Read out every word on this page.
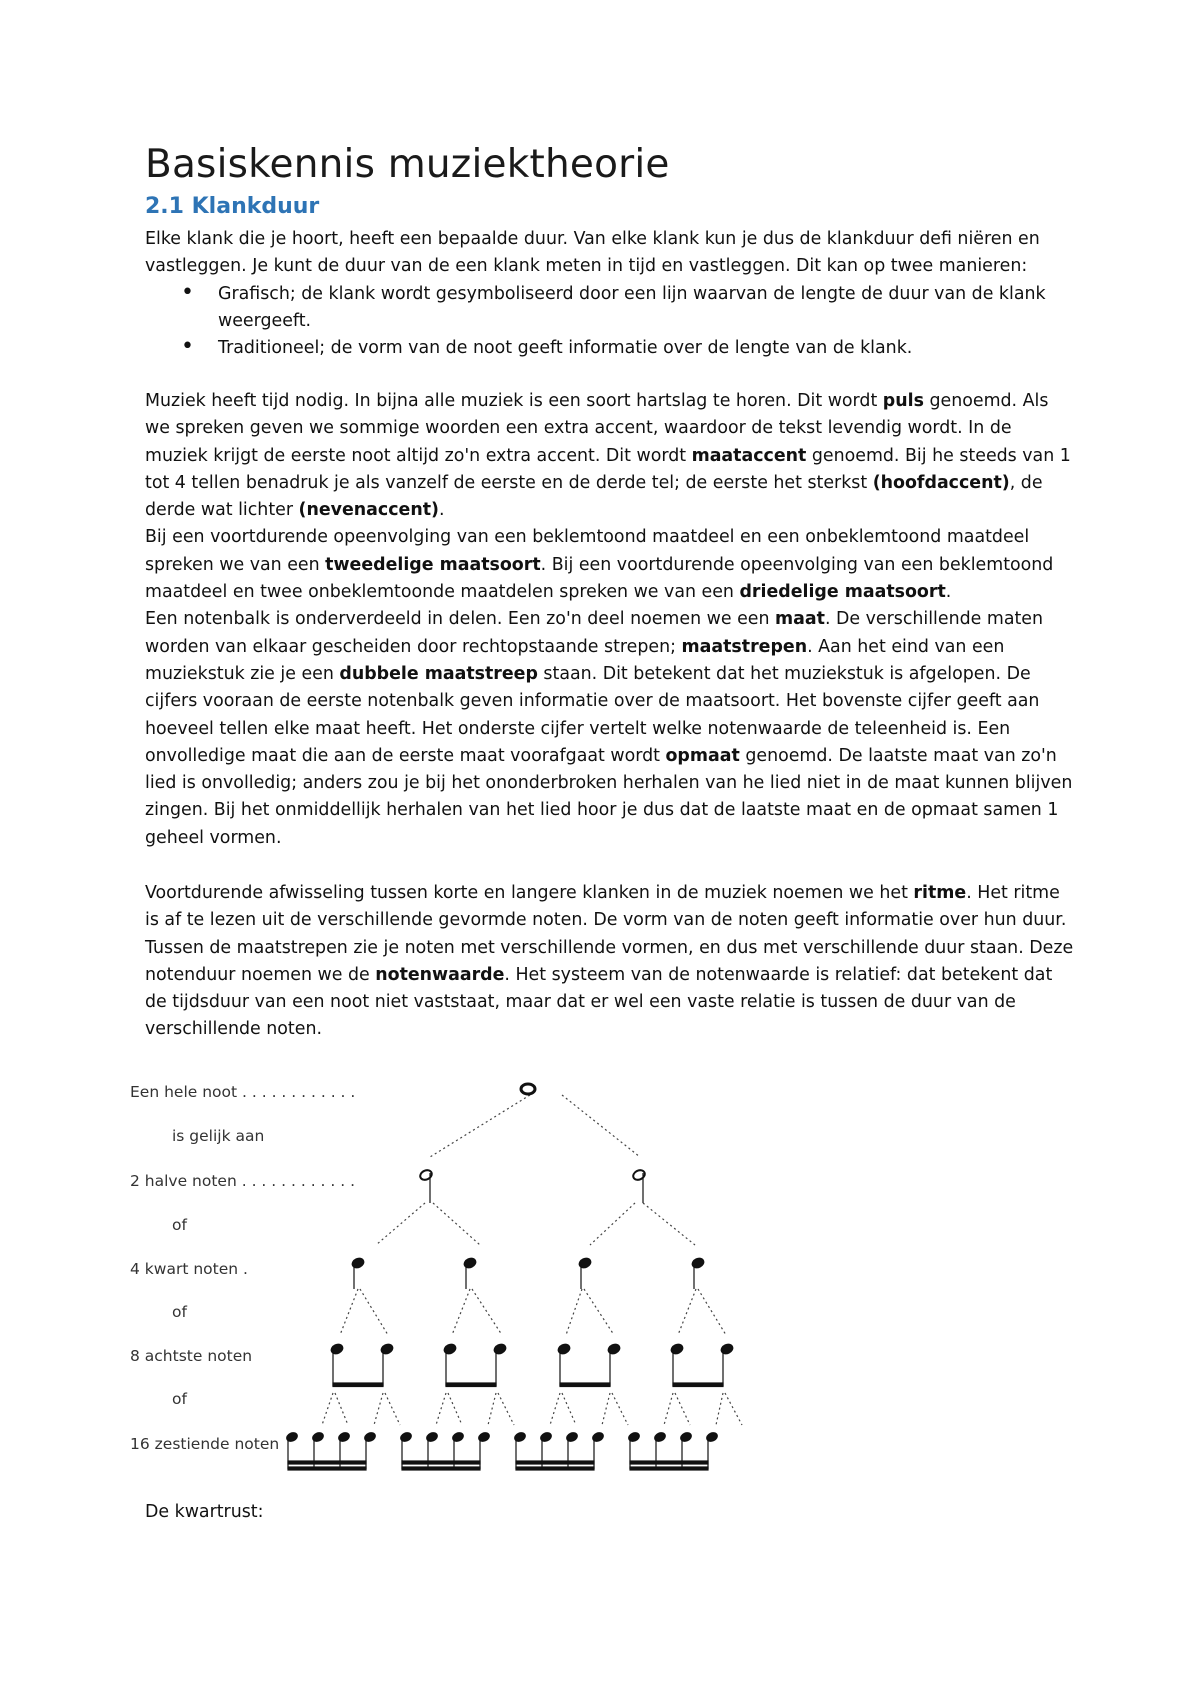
Basiskennis muziektheorie
2.1 Klankduur

Elke klank die je hoort, heeft een bepaalde duur. Van elke klank kun je dus de klankduur defi niëren en vastleggen. Je kunt de duur van de een klank meten in tijd en vastleggen. Dit kan op twee manieren:

• Grafisch; de klank wordt gesymboliseerd door een lijn waarvan de lengte de duur van de klank weergeeft.
• Traditioneel; de vorm van de noot geeft informatie over de lengte van de klank.

Muziek heeft tijd nodig. In bijna alle muziek is een soort hartslag te horen. Dit wordt puls genoemd. Als we spreken geven we sommige woorden een extra accent, waardoor de tekst levendig wordt. In de muziek krijgt de eerste noot altijd zo'n extra accent. Dit wordt maataccent genoemd. Bij he steeds van 1 tot 4 tellen benadruk je als vanzelf de eerste en de derde tel; de eerste het sterkst (hoofdaccent), de derde wat lichter (nevenaccent).

Bij een voortdurende opeenvolging van een beklemtoond maatdeel en een onbeklemtoond maatdeel spreken we van een tweedelige maatsoort. Bij een voortdurende opeenvolging van een beklemtoond maatdeel en twee onbeklemtoonde maatdelen spreken we van een driedelige maatsoort.

Een notenbalk is onderverdeeld in delen. Een zo'n deel noemen we een maat. De verschillende maten worden van elkaar gescheiden door rechtopstaande strepen; maatstrepen. Aan het eind van een muziekstuk zie je een dubbele maatstreep staan. Dit betekent dat het muziekstuk is afgelopen. De cijfers vooraan de eerste notenbalk geven informatie over de maatsoort. Het bovenste cijfer geeft aan hoeveel tellen elke maat heeft. Het onderste cijfer vertelt welke notenwaarde de teleenheid is. Een onvolledige maat die aan de eerste maat voorafgaat wordt opmaat genoemd. De laatste maat van zo'n lied is onvolledig; anders zou je bij het ononderbroken herhalen van he lied niet in de maat kunnen blijven zingen. Bij het onmiddellijk herhalen van het lied hoor je dus dat de laatste maat en de opmaat samen 1 geheel vormen.

Voortdurende afwisseling tussen korte en langere klanken in de muziek noemen we het ritme. Het ritme is af te lezen uit de verschillende gevormde noten. De vorm van de noten geeft informatie over hun duur. Tussen de maatstrepen zie je noten met verschillende vormen, en dus met verschillende duur staan. Deze notenduur noemen we de notenwaarde. Het systeem van de notenwaarde is relatief: dat betekent dat de tijdsduur van een noot niet vaststaat, maar dat er wel een vaste relatie is tussen de duur van de verschillende noten.

Een hele noot . . . . . . . . . . . .
is gelijk aan
2 halve noten . . . . . . . . . . . .
of
4 kwart noten .
of
8 achtste noten
of
16 zestiende noten
De kwartrust:
